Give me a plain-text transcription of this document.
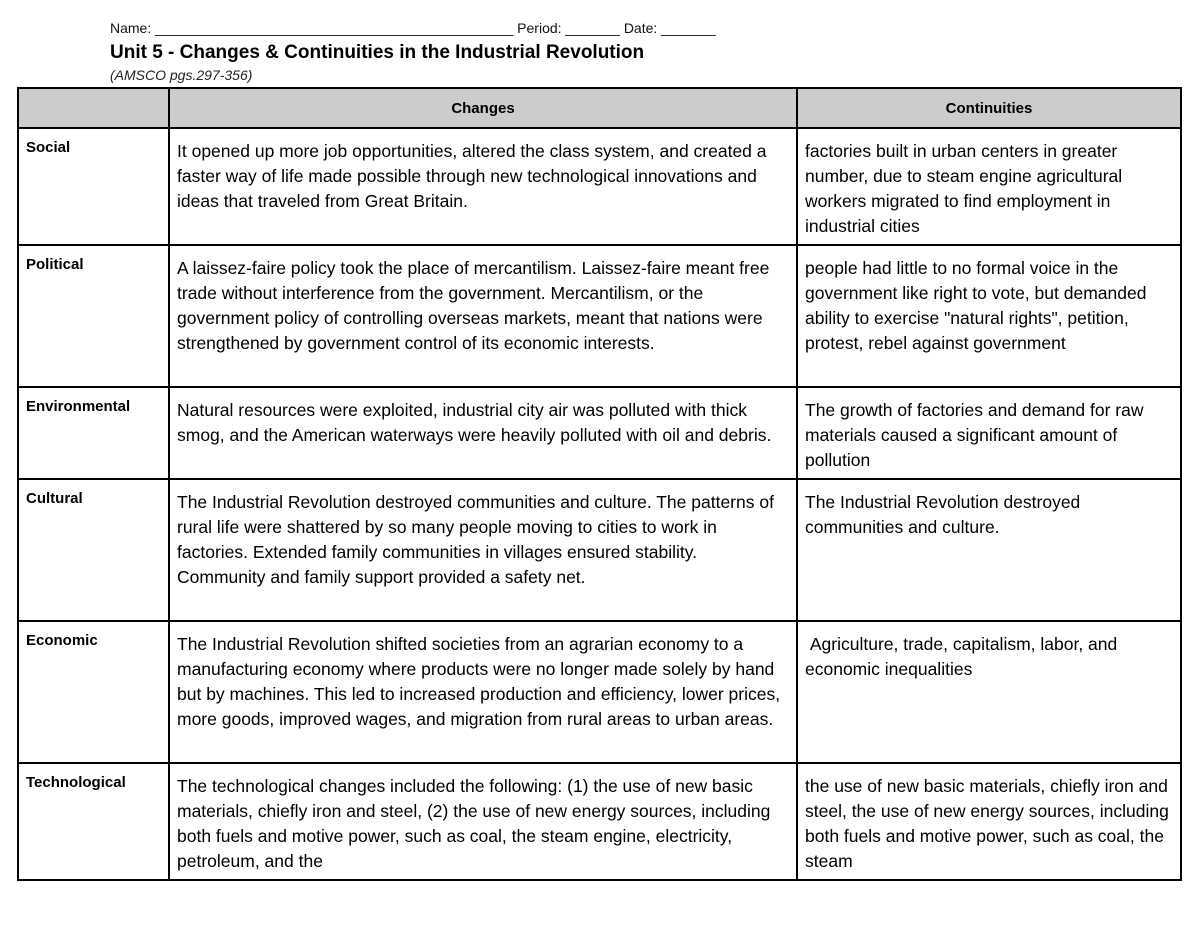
Name: ______________________________________________ Period: _______ Date: _______
Unit 5 - Changes & Continuities in the Industrial Revolution
(AMSCO pgs.297-356)
	Changes	Continuities
Social	It opened up more job opportunities, altered the class system, and created a faster way of life made possible through new technological innovations and ideas that traveled from Great Britain.	factories built in urban centers in greater number, due to steam engine agricultural workers migrated to find employment in industrial cities
Political	A laissez-faire policy took the place of mercantilism. Laissez-faire meant free trade without interference from the government. Mercantilism, or the government policy of controlling overseas markets, meant that nations were strengthened by government control of its economic interests.	people had little to no formal voice in the government like right to vote, but demanded ability to exercise "natural rights", petition, protest, rebel against government
Environmental	Natural resources were exploited, industrial city air was polluted with thick smog, and the American waterways were heavily polluted with oil and debris.	The growth of factories and demand for raw materials caused a significant amount of pollution
Cultural	The Industrial Revolution destroyed communities and culture. The patterns of rural life were shattered by so many people moving to cities to work in factories. Extended family communities in villages ensured stability. Community and family support provided a safety net.	The Industrial Revolution destroyed communities and culture.
Economic	The Industrial Revolution shifted societies from an agrarian economy to a manufacturing economy where products were no longer made solely by hand but by machines. This led to increased production and efficiency, lower prices, more goods, improved wages, and migration from rural areas to urban areas.	Agriculture, trade, capitalism, labor, and economic inequalities
Technological	The technological changes included the following: (1) the use of new basic materials, chiefly iron and steel, (2) the use of new energy sources, including both fuels and motive power, such as coal, the steam engine, electricity, petroleum, and the	the use of new basic materials, chiefly iron and steel, the use of new energy sources, including both fuels and motive power, such as coal, the steam
